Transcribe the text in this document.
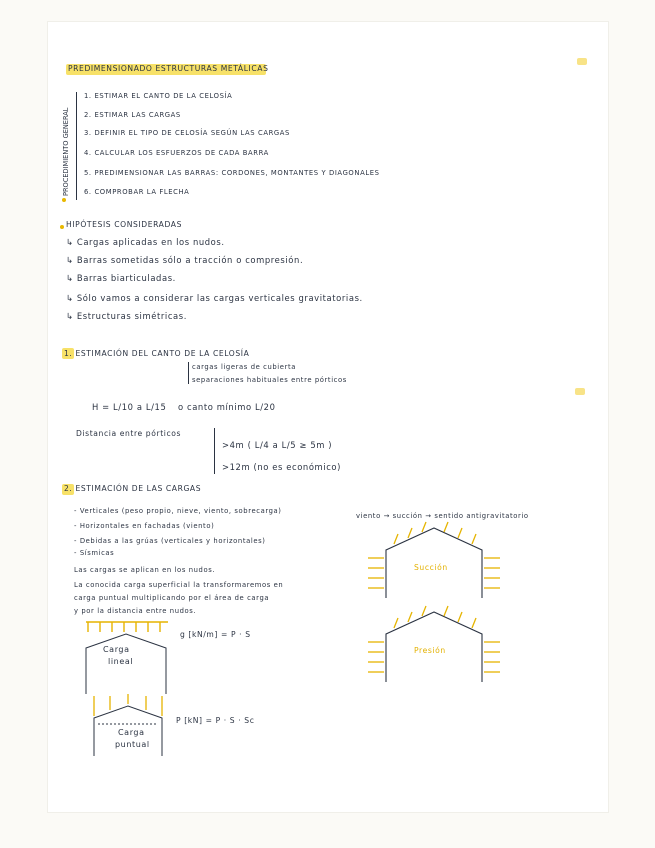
PREDIMENSIONADO ESTRUCTURAS METÁLICAS
PROCEDIMIENTO GENERAL
1. ESTIMAR EL CANTO DE LA CELOSÍA
2. ESTIMAR LAS CARGAS
3. DEFINIR EL TIPO DE CELOSÍA SEGÚN LAS CARGAS
4. CALCULAR LOS ESFUERZOS DE CADA BARRA
5. PREDIMENSIONAR LAS BARRAS: CORDONES, MONTANTES Y DIAGONALES
6. COMPROBAR LA FLECHA
HIPÓTESIS CONSIDERADAS
↳ Cargas aplicadas en los nudos.
↳ Barras sometidas sólo a tracción o compresión.
↳ Barras biarticuladas.
↳ Sólo vamos a considerar las cargas verticales gravitatorias.
↳ Estructuras simétricas.
1. ESTIMACIÓN DEL CANTO DE LA CELOSÍA
cargas ligeras de cubierta
separaciones habituales entre pórticos
H = L/10 a L/15 o canto mínimo L/20
Distancia entre pórticos
>4m ( L/4 a L/5 ≥ 5m )
>12m (no es económico)
2. ESTIMACIÓN DE LAS CARGAS
- Verticales (peso propio, nieve, viento, sobrecarga)
- Horizontales en fachadas (viento)
- Debidas a las grúas (verticales y horizontales)
- Sísmicas
Las cargas se aplican en los nudos.
La conocida carga superficial la transformaremos en
carga puntual multiplicando por el área de carga
y por la distancia entre nudos.
viento → succión → sentido antigravitatorio
Carga
lineal
g [kN/m] = P · S
Carga
puntual
P [kN] = P · S · Sc
Succión
Presión
